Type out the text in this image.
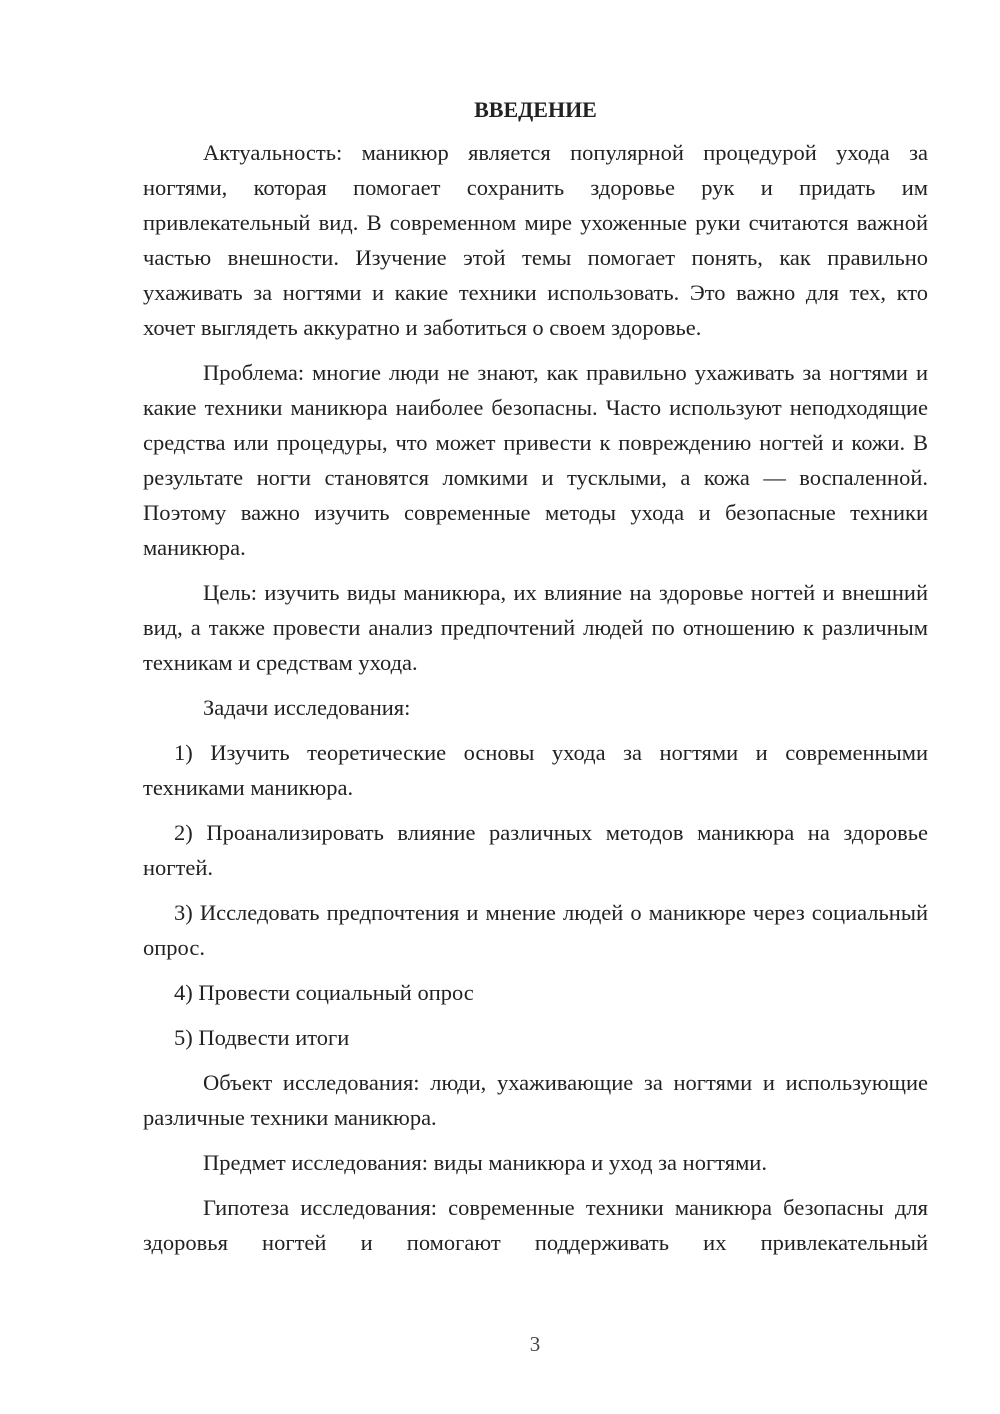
ВВЕДЕНИЕ

Актуальность: маникюр является популярной процедурой ухода за ногтями, которая помогает сохранить здоровье рук и придать им привлекательный вид. В современном мире ухоженные руки считаются важной частью внешности. Изучение этой темы помогает понять, как правильно ухаживать за ногтями и какие техники использовать. Это важно для тех, кто хочет выглядеть аккуратно и заботиться о своем здоровье.

Проблема: многие люди не знают, как правильно ухаживать за ногтями и какие техники маникюра наиболее безопасны. Часто используют неподходящие средства или процедуры, что может привести к повреждению ногтей и кожи. В результате ногти становятся ломкими и тусклыми, а кожа — воспаленной. Поэтому важно изучить современные методы ухода и безопасные техники маникюра.

Цель: изучить виды маникюра, их влияние на здоровье ногтей и внешний вид, а также провести анализ предпочтений людей по отношению к различным техникам и средствам ухода.

Задачи исследования:

1) Изучить теоретические основы ухода за ногтями и современными техниками маникюра.

2) Проанализировать влияние различных методов маникюра на здоровье ногтей.

3) Исследовать предпочтения и мнение людей о маникюре через социальный опрос.

4) Провести социальный опрос

5) Подвести итоги

Объект исследования: люди, ухаживающие за ногтями и использующие различные техники маникюра.

Предмет исследования: виды маникюра и уход за ногтями.

Гипотеза исследования: современные техники маникюра безопасны для здоровья ногтей и помогают поддерживать их привлекательный

3
